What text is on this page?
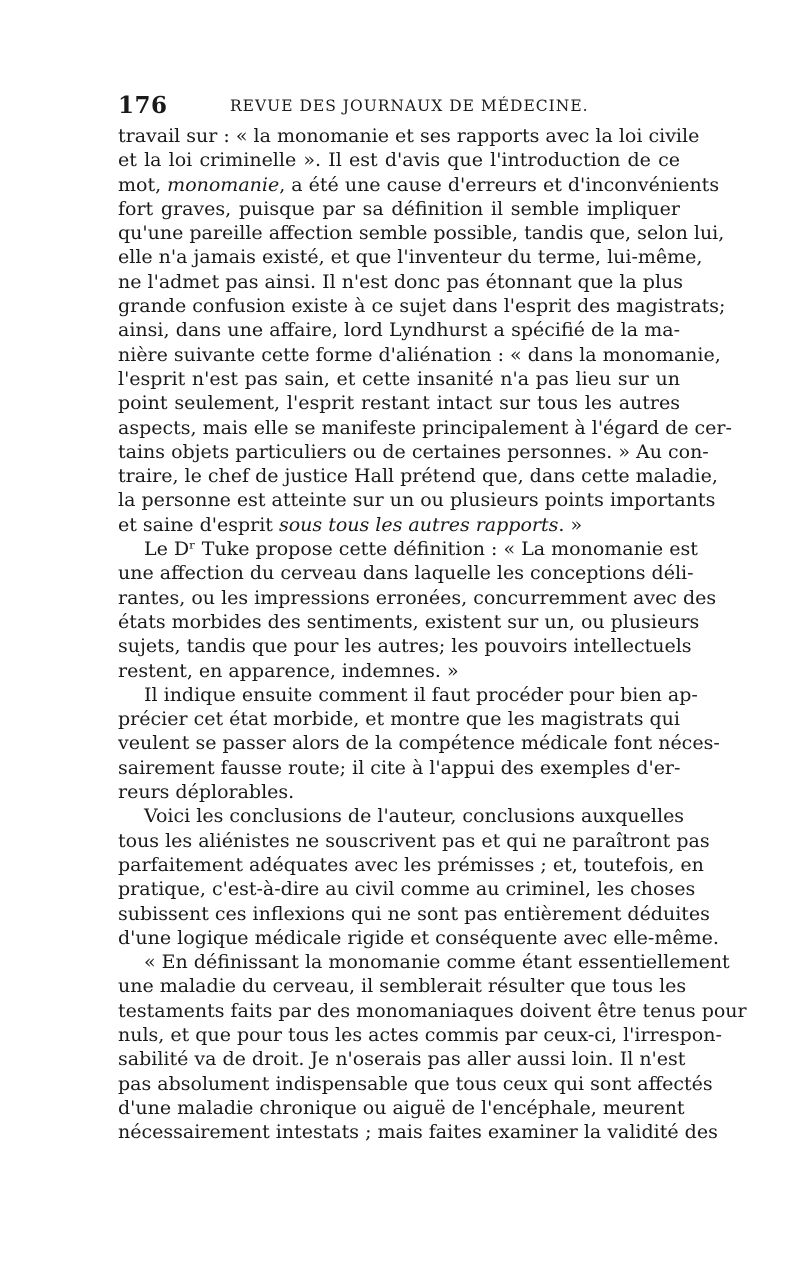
176	REVUE DES JOURNAUX DE MÉDECINE.
travail sur : « la monomanie et ses rapports avec la loi civile
et la loi criminelle ». Il est d'avis que l'introduction de ce
mot, monomanie, a été une cause d'erreurs et d'inconvénients
fort graves, puisque par sa définition il semble impliquer
qu'une pareille affection semble possible, tandis que, selon lui,
elle n'a jamais existé, et que l'inventeur du terme, lui-même,
ne l'admet pas ainsi. Il n'est donc pas étonnant que la plus
grande confusion existe à ce sujet dans l'esprit des magistrats;
ainsi, dans une affaire, lord Lyndhurst a spécifié de la ma-
nière suivante cette forme d'aliénation : « dans la monomanie,
l'esprit n'est pas sain, et cette insanité n'a pas lieu sur un
point seulement, l'esprit restant intact sur tous les autres
aspects, mais elle se manifeste principalement à l'égard de cer-
tains objets particuliers ou de certaines personnes. » Au con-
traire, le chef de justice Hall prétend que, dans cette maladie,
la personne est atteinte sur un ou plusieurs points importants
et saine d'esprit sous tous les autres rapports. »
Le Dʳ Tuke propose cette définition : « La monomanie est
une affection du cerveau dans laquelle les conceptions déli-
rantes, ou les impressions erronées, concurremment avec des
états morbides des sentiments, existent sur un, ou plusieurs
sujets, tandis que pour les autres; les pouvoirs intellectuels
restent, en apparence, indemnes. »
Il indique ensuite comment il faut procéder pour bien ap-
précier cet état morbide, et montre que les magistrats qui
veulent se passer alors de la compétence médicale font néces-
sairement fausse route; il cite à l'appui des exemples d'er-
reurs déplorables.
Voici les conclusions de l'auteur, conclusions auxquelles
tous les aliénistes ne souscrivent pas et qui ne paraîtront pas
parfaitement adéquates avec les prémisses ; et, toutefois, en
pratique, c'est-à-dire au civil comme au criminel, les choses
subissent ces inflexions qui ne sont pas entièrement déduites
d'une logique médicale rigide et conséquente avec elle-même.
« En définissant la monomanie comme étant essentiellement
une maladie du cerveau, il semblerait résulter que tous les
testaments faits par des monomaniaques doivent être tenus pour
nuls, et que pour tous les actes commis par ceux-ci, l'irrespon-
sabilité va de droit. Je n'oserais pas aller aussi loin. Il n'est
pas absolument indispensable que tous ceux qui sont affectés
d'une maladie chronique ou aiguë de l'encéphale, meurent
nécessairement intestats ; mais faites examiner la validité des
